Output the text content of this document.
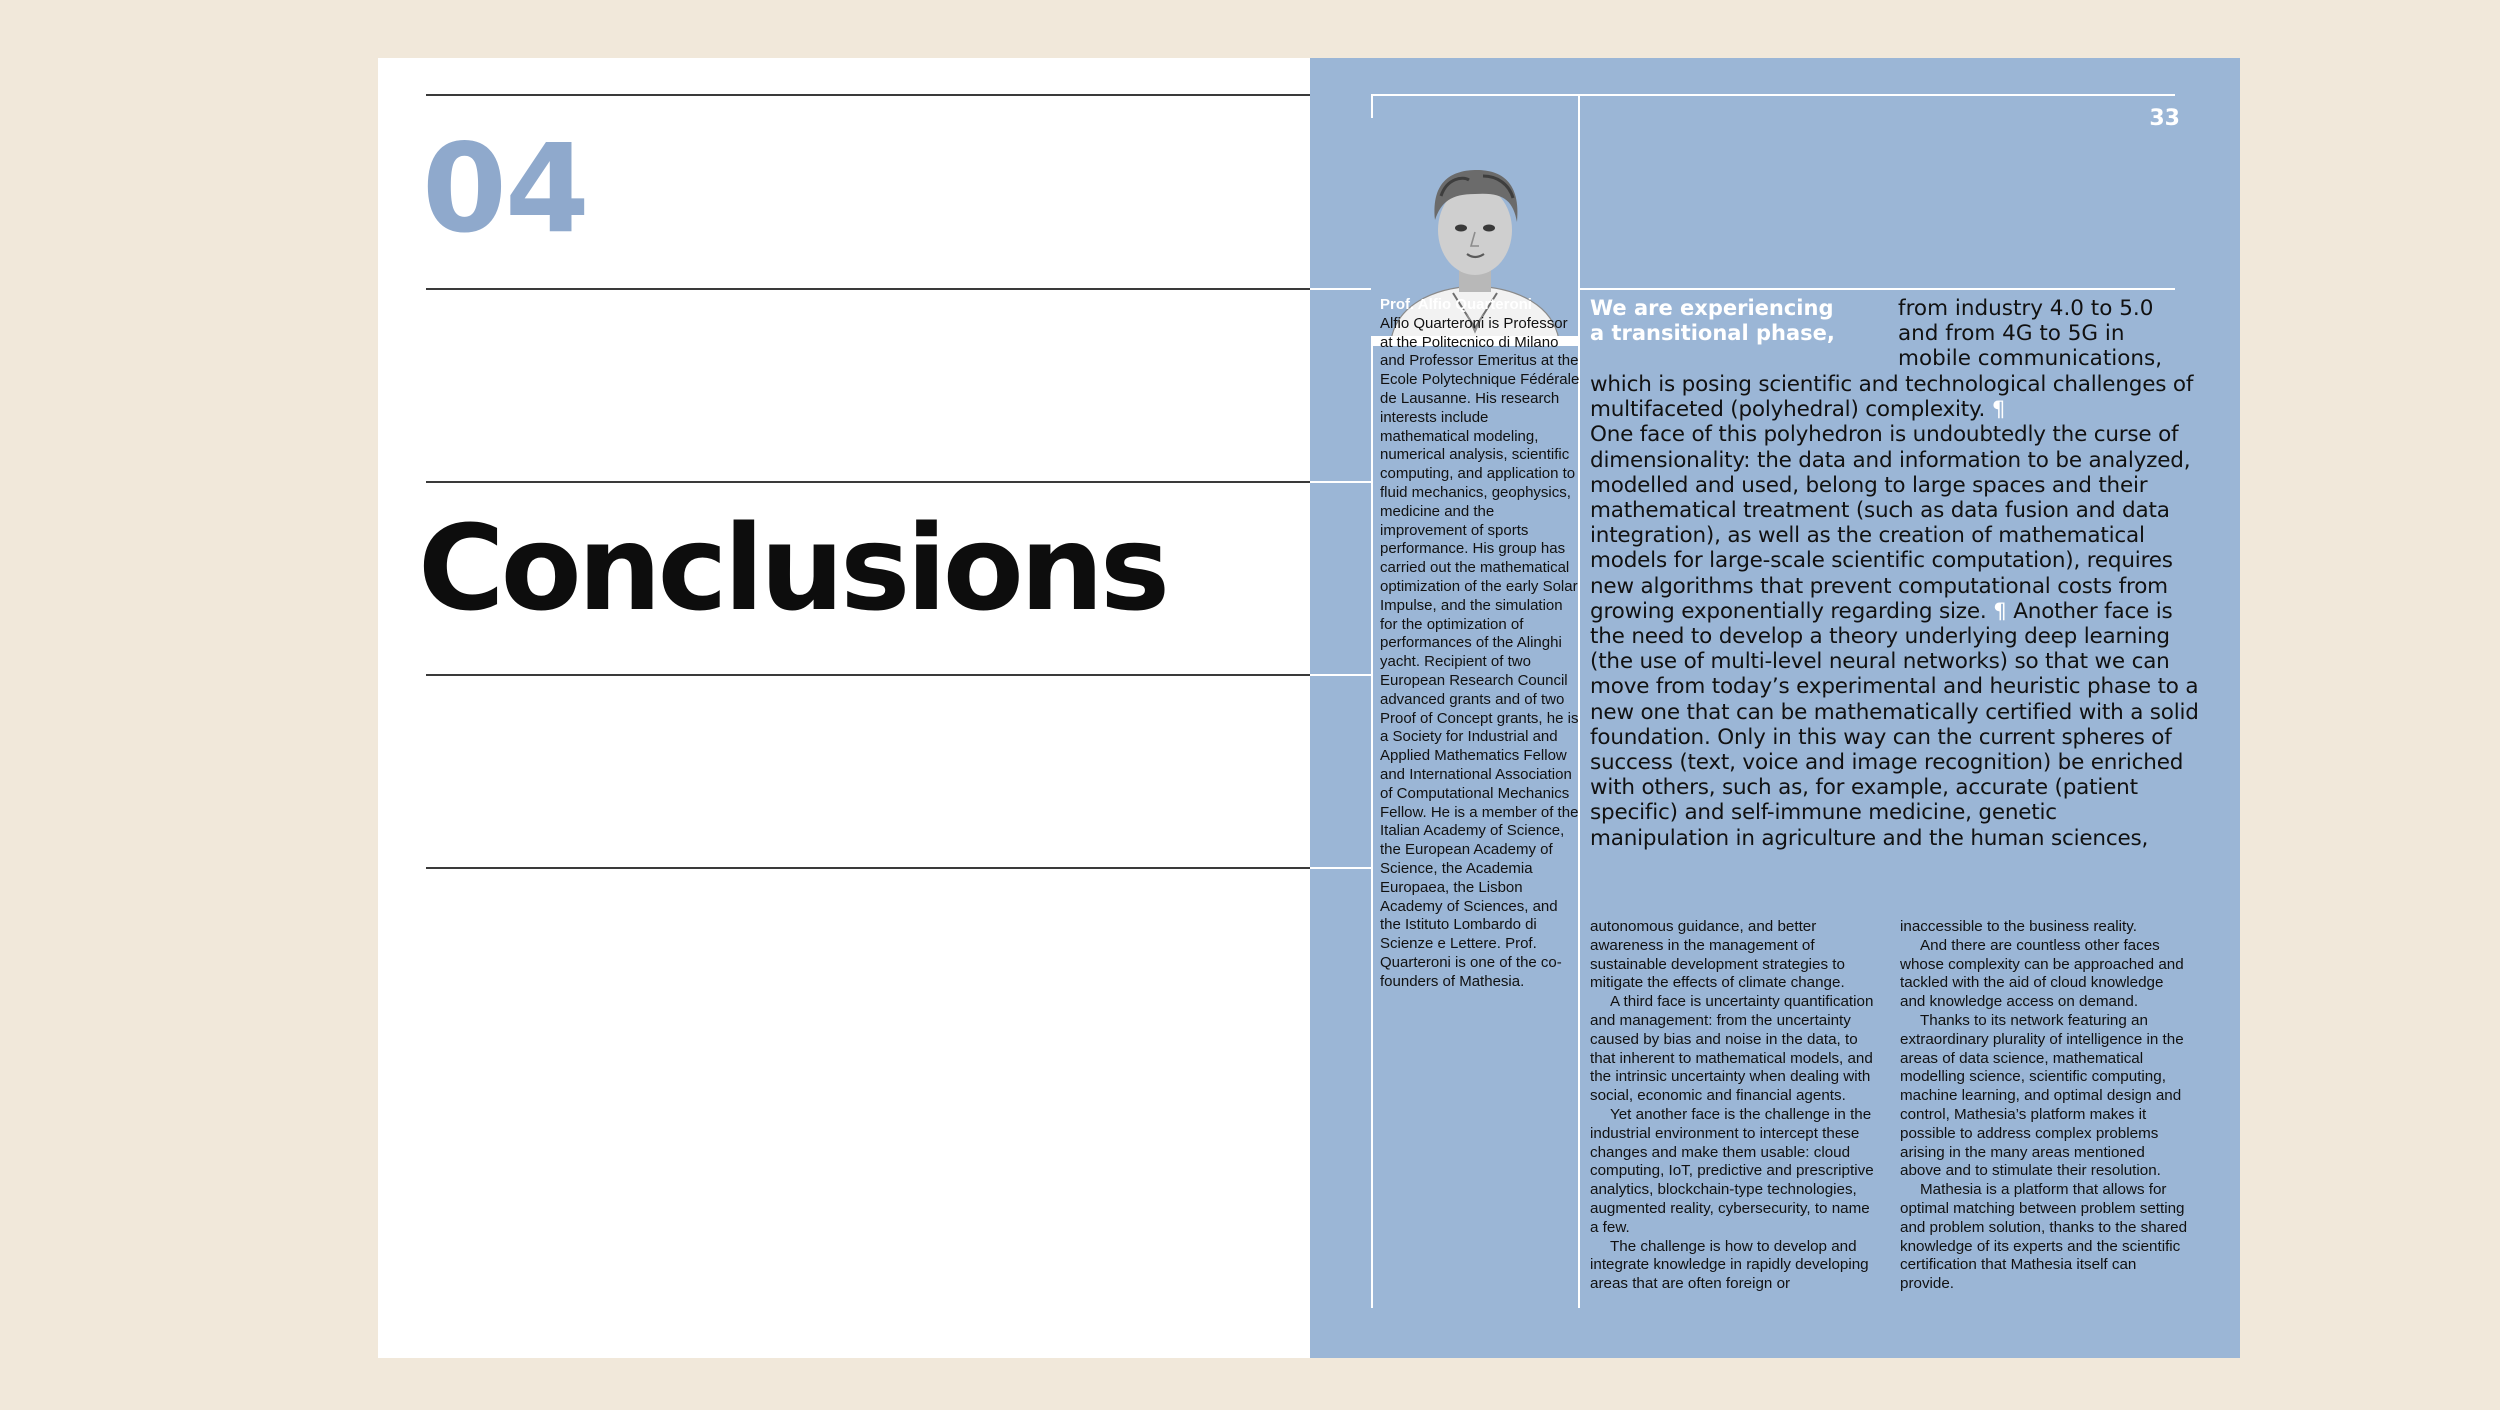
04
Conclusions
33

Prof. Alfio Quarteroni
Alfio Quarteroni is Professor at the Politecnico di Milano and Professor Emeritus at the Ecole Polytechnique Fédérale de Lausanne. His research interests include mathematical modeling, numerical analysis, scientific computing, and application to fluid mechanics, geophysics, medicine and the improvement of sports performance. His group has carried out the mathematical optimization of the early Solar Impulse, and the simulation for the optimization of performances of the Alinghi yacht. Recipient of two European Research Council advanced grants and of two Proof of Concept grants, he is a Society for Industrial and Applied Mathematics Fellow and International Association of Computational Mechanics Fellow. He is a member of the Italian Academy of Science, the European Academy of Science, the Academia Europaea, the Lisbon Academy of Sciences, and the Istituto Lombardo di Scienze e Lettere. Prof. Quarteroni is one of the co-founders of Mathesia.

We are experiencing a transitional phase,

from industry 4.0 to 5.0 and from 4G to 5G in mobile communications,

which is posing scientific and technological challenges of multifaceted (polyhedral) complexity. ¶
One face of this polyhedron is undoubtedly the curse of dimensionality: the data and information to be analyzed, modelled and used, belong to large spaces and their mathematical treatment (such as data fusion and data integration), as well as the creation of mathematical models for large-scale scientific computation), requires new algorithms that prevent computational costs from growing exponentially regarding size. ¶ Another face is the need to develop a theory underlying deep learning (the use of multi-level neural networks) so that we can move from today’s experimental and heuristic phase to a new one that can be mathematically certified with a solid foundation. Only in this way can the current spheres of success (text, voice and image recognition) be enriched with others, such as, for example, accurate (patient specific) and self-immune medicine, genetic manipulation in agriculture and the human sciences,

autonomous guidance, and better awareness in the management of sustainable development strategies to mitigate the effects of climate change.

A third face is uncertainty quantification and management: from the uncertainty caused by bias and noise in the data, to that inherent to mathematical models, and the intrinsic uncertainty when dealing with social, economic and financial agents.

Yet another face is the challenge in the industrial environment to intercept these changes and make them usable: cloud computing, IoT, predictive and prescriptive analytics, blockchain-type technologies, augmented reality, cybersecurity, to name a few.

The challenge is how to develop and integrate knowledge in rapidly developing areas that are often foreign or

inaccessible to the business reality.

And there are countless other faces whose complexity can be approached and tackled with the aid of cloud knowledge and knowledge access on demand.

Thanks to its network featuring an extraordinary plurality of intelligence in the areas of data science, mathematical modelling science, scientific computing, machine learning, and optimal design and control, Mathesia’s platform makes it possible to address complex problems arising in the many areas mentioned above and to stimulate their resolution.

Mathesia is a platform that allows for optimal matching between problem setting and problem solution, thanks to the shared knowledge of its experts and the scientific certification that Mathesia itself can provide.
